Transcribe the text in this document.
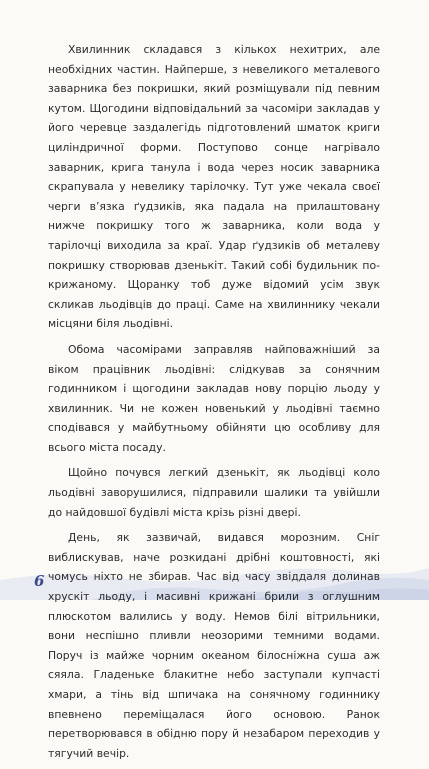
Хвилинник складався з кількох нехитрих, але необхідних частин. Найперше, з невеликого металевого заварника без покришки, який розміщували під певним кутом. Щогодини відповідальний за часоміри закладав у його черевце заздалегідь підготовлений шматок криги циліндричної форми. Поступово сонце нагрівало заварник, крига танула і вода через носик заварника скрапувала у невелику тарілочку. Тут уже чекала своєї черги в’язка ґудзиків, яка падала на прилаштовану нижче покришку того ж заварника, коли вода у тарілочці виходила за краї. Удар ґудзиків об металеву покришку створював дзенькіт. Такий собі будильник по-крижаному. Щоранку тоб дуже відомий усім звук скликав льодівців до праці. Саме на хвилиннику чекали місцяни біля льодівні.

Обома часомірами заправляв найповажніший за віком працівник льодівні: слідкував за сонячним годинником і щогодини закладав нову порцію льоду у хвилинник. Чи не кожен новенький у льодівні таємно сподівався у майбутньому обійняти цю особливу для всього міста посаду.

Щойно почувся легкий дзенькіт, як льодівці коло льодівні заворушилися, підправили шалики та увійшли до найдовшої будівлі міста крізь різні двері.

День, як зазвичай, видався морозним. Сніг виблискував, наче розкидані дрібні коштовності, які чомусь ніхто не збирав. Час від часу звіддаля долинав хрускіт льоду, і масивні крижані брили з оглушним плюскотом валились у воду. Немов білі вітрильники, вони неспішно пливли неозорими темними водами. Поруч із майже чорним океаном білосніжна суша аж сяяла. Гладеньке блакитне небо заступали купчасті хмари, а тінь від шпичака на сонячному годиннику впевнено переміщалася його основою. Ранок перетворювався в обідню пору й незабаром переходив у тягучий вечір.

6
